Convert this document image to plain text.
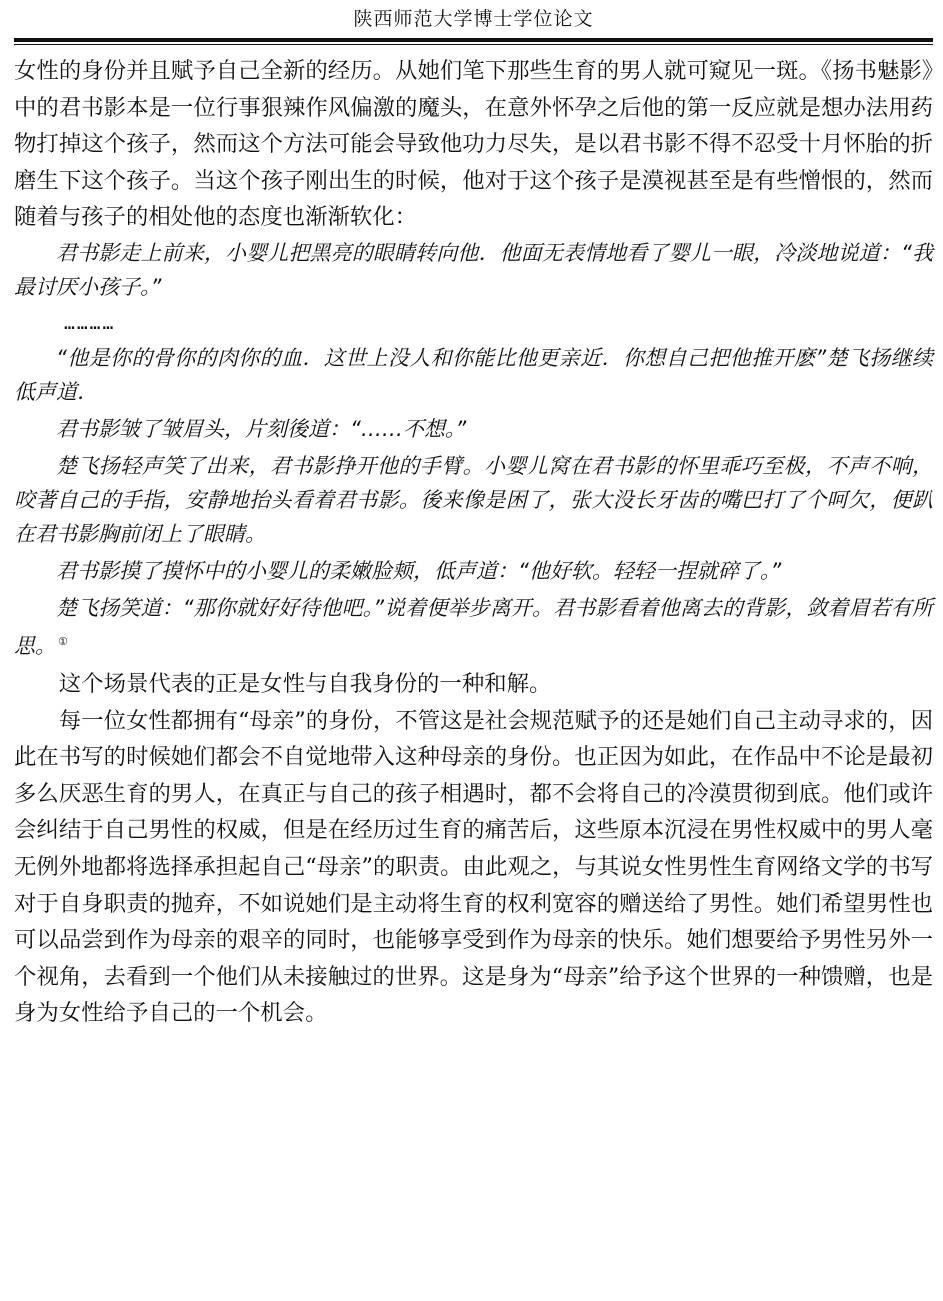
陕西师范大学博士学位论文

女性的身份并且赋予自己全新的经历。从她们笔下那些生育的男人就可窥见一斑。《扬书魅影》中的君书影本是一位行事狠辣作风偏激的魔头，在意外怀孕之后他的第一反应就是想办法用药物打掉这个孩子，然而这个方法可能会导致他功力尽失，是以君书影不得不忍受十月怀胎的折磨生下这个孩子。当这个孩子刚出生的时候，他对于这个孩子是漠视甚至是有些憎恨的，然而随着与孩子的相处他的态度也渐渐软化：

君书影走上前来，小婴儿把黑亮的眼睛转向他．他面无表情地看了婴儿一眼，冷淡地说道：“我最讨厌小孩子。”

…………

“他是你的骨你的肉你的血．这世上没人和你能比他更亲近．你想自己把他推开麽”楚飞扬继续低声道．

君书影皱了皱眉头，片刻後道：“……不想。”

楚飞扬轻声笑了出来，君书影挣开他的手臂。小婴儿窝在君书影的怀里乖巧至极，不声不响，咬著自己的手指，安静地抬头看着君书影。後来像是困了，张大没长牙齿的嘴巴打了个呵欠，便趴在君书影胸前闭上了眼睛。

君书影摸了摸怀中的小婴儿的柔嫩脸颊，低声道：“他好软。轻轻一捏就碎了。”

楚飞扬笑道：“那你就好好待他吧。”说着便举步离开。君书影看着他离去的背影，敛着眉若有所思。 ①

这个场景代表的正是女性与自我身份的一种和解。

每一位女性都拥有“母亲”的身份，不管这是社会规范赋予的还是她们自己主动寻求的，因此在书写的时候她们都会不自觉地带入这种母亲的身份。也正因为如此，在作品中不论是最初多么厌恶生育的男人，在真正与自己的孩子相遇时，都不会将自己的冷漠贯彻到底。他们或许会纠结于自己男性的权威，但是在经历过生育的痛苦后，这些原本沉浸在男性权威中的男人毫无例外地都将选择承担起自己“母亲”的职责。由此观之，与其说女性男性生育网络文学的书写对于自身职责的抛弃，不如说她们是主动将生育的权利宽容的赠送给了男性。她们希望男性也可以品尝到作为母亲的艰辛的同时，也能够享受到作为母亲的快乐。她们想要给予男性另外一个视角，去看到一个他们从未接触过的世界。这是身为“母亲”给予这个世界的一种馈赠，也是身为女性给予自己的一个机会。
